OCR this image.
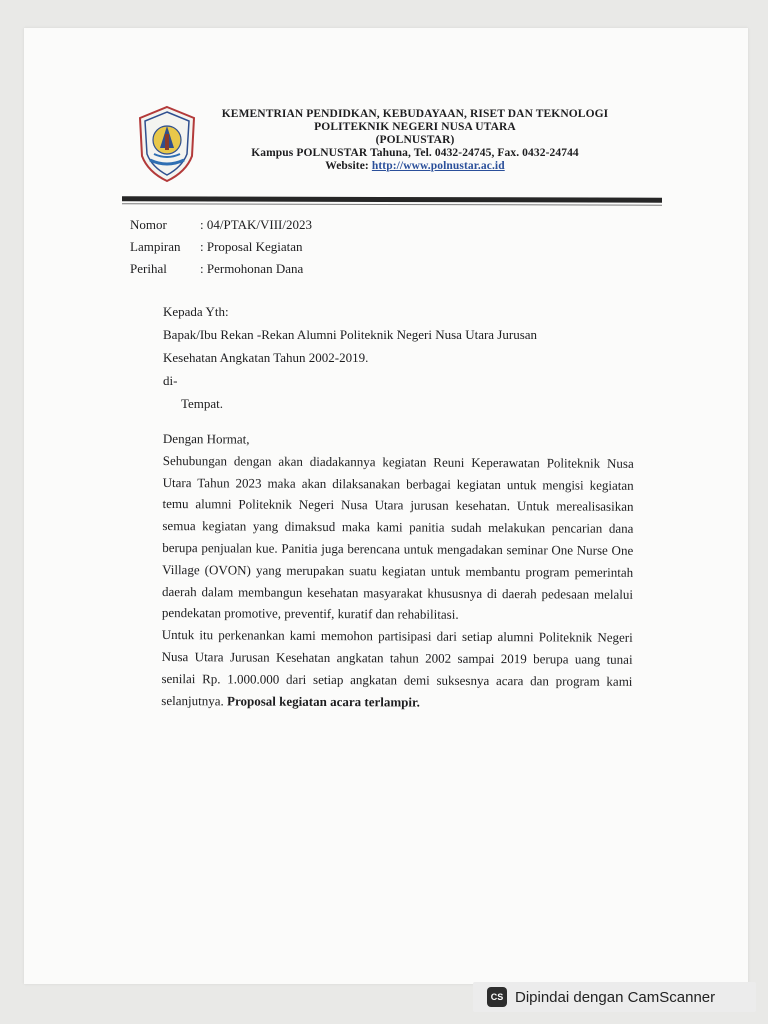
KEMENTRIAN PENDIDKAN, KEBUDAYAAN, RISET DAN TEKNOLOGI
POLITEKNIK NEGERI NUSA UTARA
(POLNUSTAR)
Kampus POLNUSTAR Tahuna, Tel. 0432-24745, Fax. 0432-24744
Website: http://www.polnustar.ac.id
Nomor	: 04/PTAK/VIII/2023
Lampiran	: Proposal Kegiatan
Perihal	: Permohonan Dana
Kepada Yth:
Bapak/Ibu Rekan -Rekan Alumni Politeknik Negeri Nusa Utara Jurusan
Kesehatan Angkatan Tahun 2002-2019.
di-
Tempat.

Dengan Hormat,

Sehubungan dengan akan diadakannya kegiatan Reuni Keperawatan Politeknik Nusa Utara Tahun 2023 maka akan dilaksanakan berbagai kegiatan untuk mengisi kegiatan temu alumni Politeknik Negeri Nusa Utara jurusan kesehatan. Untuk merealisasikan semua kegiatan yang dimaksud maka kami panitia sudah melakukan pencarian dana berupa penjualan kue. Panitia juga berencana untuk mengadakan seminar One Nurse One Village (OVON) yang merupakan suatu kegiatan untuk membantu program pemerintah daerah dalam membangun kesehatan masyarakat khususnya di daerah pedesaan melalui pendekatan promotive, preventif, kuratif dan rehabilitasi.

Untuk itu perkenankan kami memohon partisipasi dari setiap alumni Politeknik Negeri Nusa Utara Jurusan Kesehatan angkatan tahun 2002 sampai 2019 berupa uang tunai senilai Rp. 1.000.000 dari setiap angkatan demi suksesnya acara dan program kami selanjutnya. Proposal kegiatan acara terlampir.

CS Dipindai dengan CamScanner
